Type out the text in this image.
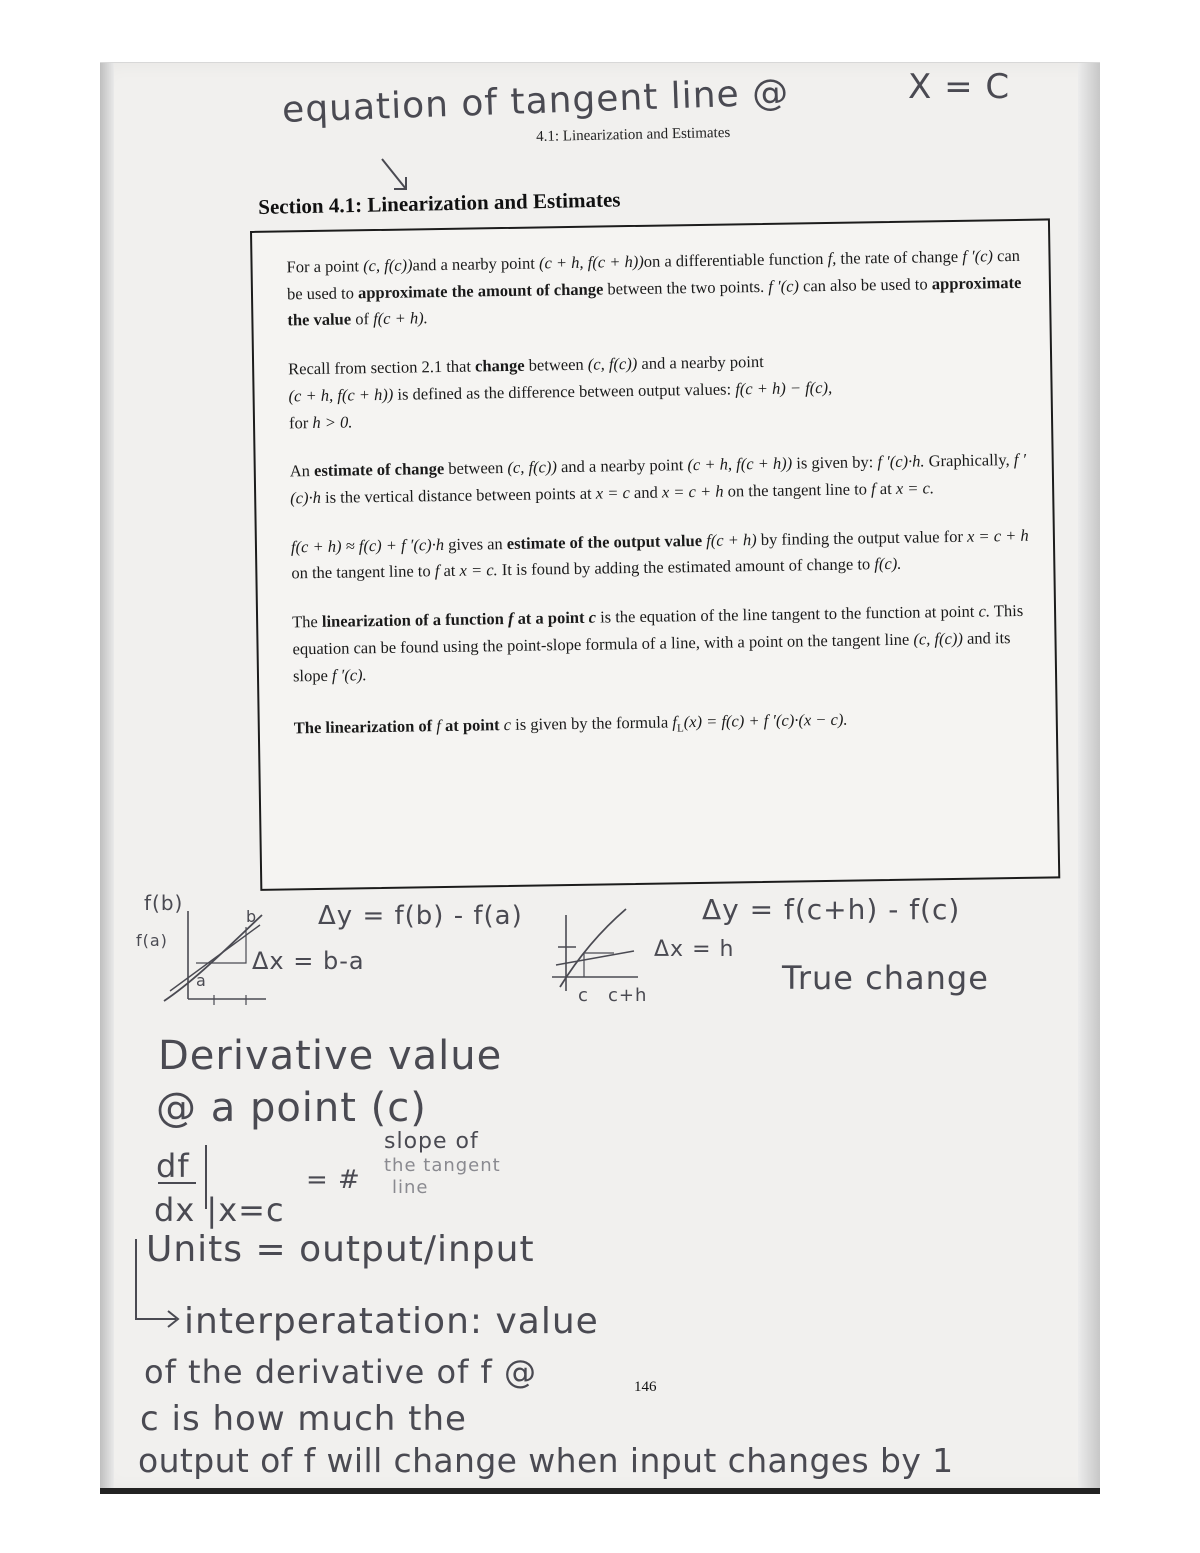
equation of tangent line @	X = C
4.1: Linearization and Estimates
Section 4.1: Linearization and Estimates

For a point (c, f(c))and a nearby point (c + h, f(c + h))on a differentiable function f, the rate of change f ′(c) can be used to approximate the amount of change between the two points. f ′(c) can also be used to approximate the value of f(c + h).

Recall from section 2.1 that change between (c, f(c)) and a nearby point
(c + h, f(c + h)) is defined as the difference between output values: f(c + h) − f(c),
for h > 0.

An estimate of change between (c, f(c)) and a nearby point (c + h, f(c + h)) is given by: f ′(c)·h. Graphically, f ′(c)·h is the vertical distance between points at x = c and x = c + h on the tangent line to f at x = c.

f(c + h) ≈ f(c) + f ′(c)·h gives an estimate of the output value f(c + h) by finding the output value for x = c + h on the tangent line to f at x = c. It is found by adding the estimated amount of change to f(c).

The linearization of a function f at a point c is the equation of the line tangent to the function at point c. This equation can be found using the point-slope formula of a line, with a point on the tangent line (c, f(c)) and its slope f ′(c).

The linearization of f at point c is given by the formula $f_L(x) = f(c) + f$ ′(c)·(x − c).

f(b)
f(a)
b
a
Δy = f(b) - f(a)
Δx = b-a
c c+h
Δy = f(c+h) - f(c)
Δx = h
True change
Derivative value
@ a point (c)
df
dx |x=c
= #
slope of
the tangent
line
Units = output/input
interperatation: value
of the derivative of f @
c is how much the
output of f will change when input changes by 1
146
